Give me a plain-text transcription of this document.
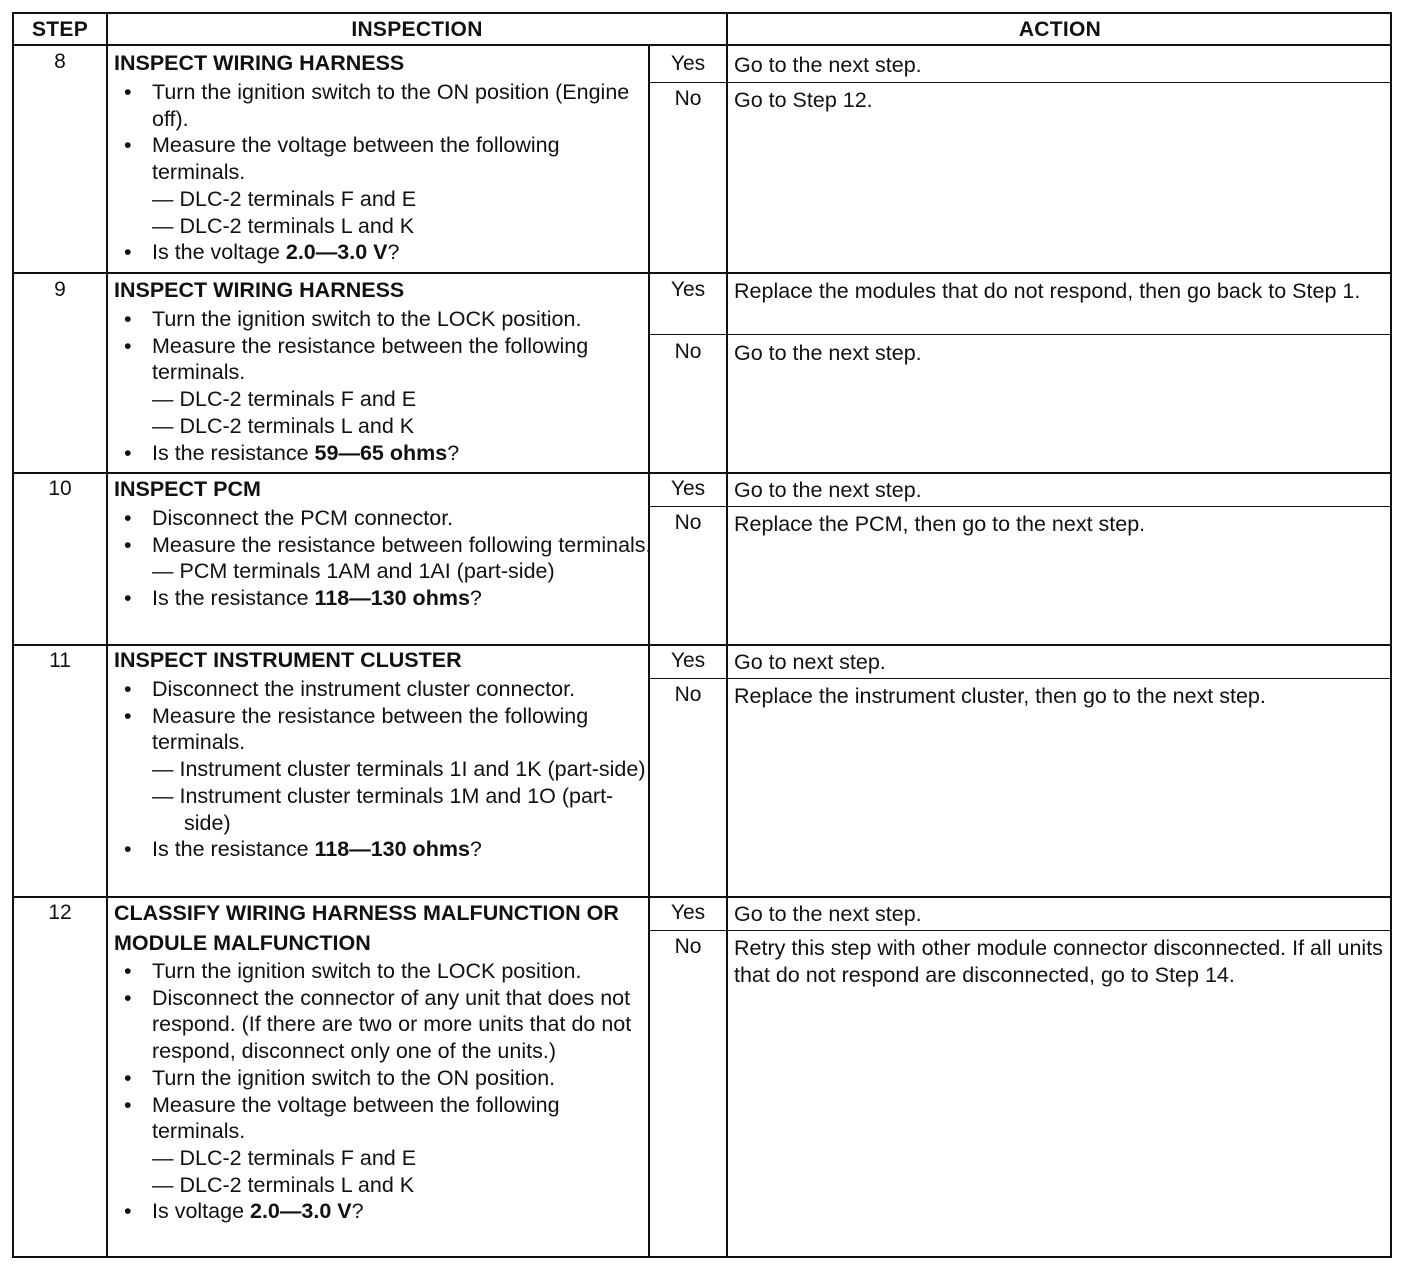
STEP	INSPECTION	ACTION
8	INSPECT WIRING HARNESS
• Turn the ignition switch to the ON position (Engine off).
• Measure the voltage between the following terminals.
— DLC-2 terminals F and E
— DLC-2 terminals L and K
• Is the voltage 2.0—3.0 V?
Yes	Go to the next step.
No	Go to Step 12.
9	INSPECT WIRING HARNESS
• Turn the ignition switch to the LOCK position.
• Measure the resistance between the following terminals.
— DLC-2 terminals F and E
— DLC-2 terminals L and K
• Is the resistance 59—65 ohms?
Yes	Replace the modules that do not respond, then go back to Step 1.
No	Go to the next step.
10	INSPECT PCM
• Disconnect the PCM connector.
• Measure the resistance between following terminals.
— PCM terminals 1AM and 1AI (part-side)
• Is the resistance 118—130 ohms?
Yes	Go to the next step.
No	Replace the PCM, then go to the next step.
11	INSPECT INSTRUMENT CLUSTER
• Disconnect the instrument cluster connector.
• Measure the resistance between the following terminals.
— Instrument cluster terminals 1I and 1K (part-side)
— Instrument cluster terminals 1M and 1O (part-side)
• Is the resistance 118—130 ohms?
Yes	Go to next step.
No	Replace the instrument cluster, then go to the next step.
12	CLASSIFY WIRING HARNESS MALFUNCTION OR MODULE MALFUNCTION
• Turn the ignition switch to the LOCK position.
• Disconnect the connector of any unit that does not respond. (If there are two or more units that do not respond, disconnect only one of the units.)
• Turn the ignition switch to the ON position.
• Measure the voltage between the following terminals.
— DLC-2 terminals F and E
— DLC-2 terminals L and K
• Is voltage 2.0—3.0 V?
Yes	Go to the next step.
No	Retry this step with other module connector disconnected. If all units that do not respond are disconnected, go to Step 14.
